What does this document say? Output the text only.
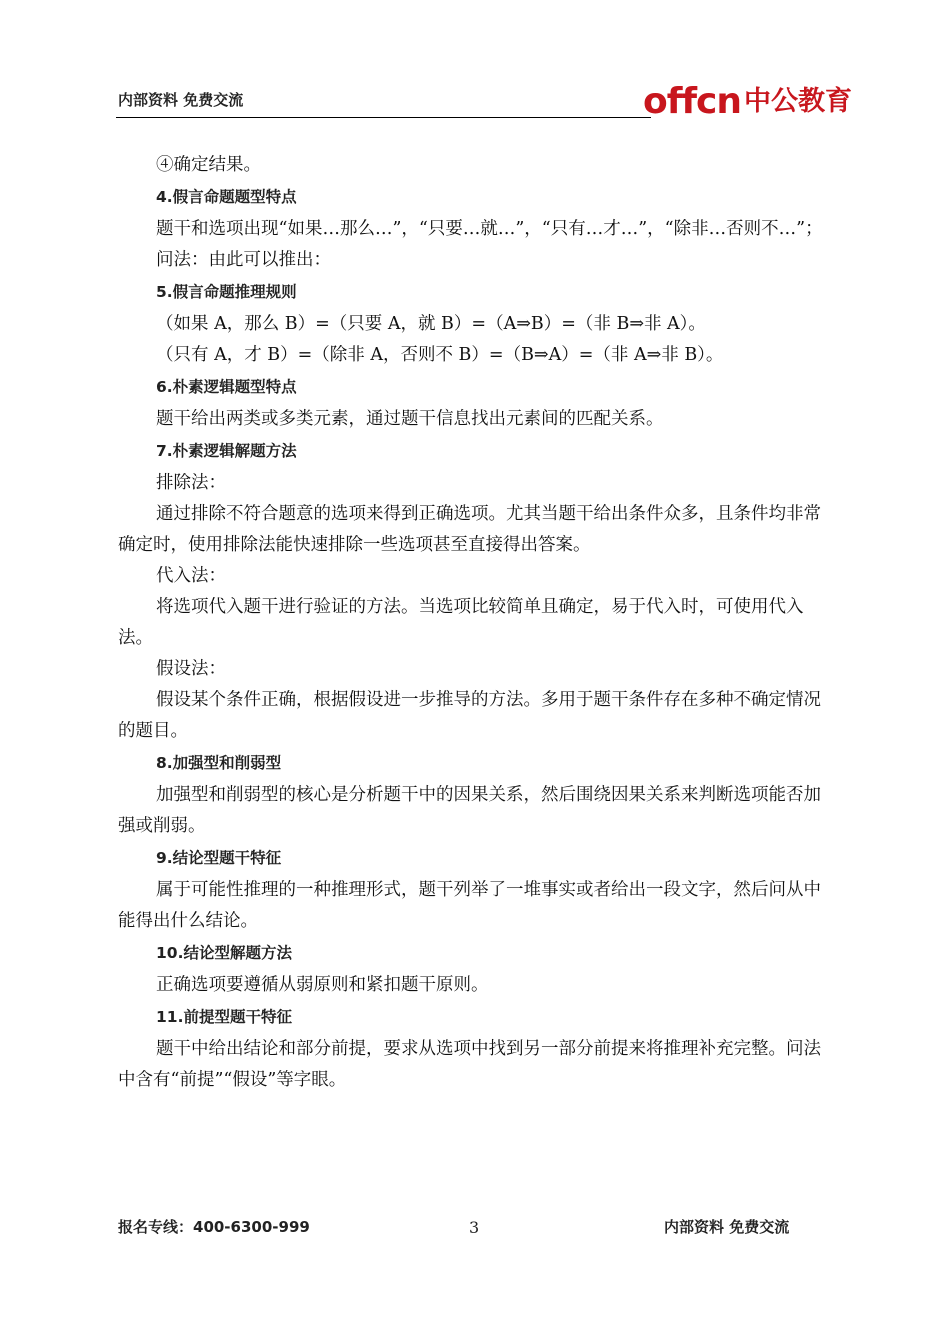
内部资料 免费交流	offcn 中公教育

④确定结果。

4.假言命题题型特点

题干和选项出现“如果…那么…”，“只要…就…”，“只有…才…”，“除非…否则不…”；

问法：由此可以推出：

5.假言命题推理规则

（如果 A，那么 B）=（只要 A，就 B）=（A⇒B）=（非 B⇒非 A）。

（只有 A，才 B）=（除非 A，否则不 B）=（B⇒A）=（非 A⇒非 B）。

6.朴素逻辑题型特点

题干给出两类或多类元素，通过题干信息找出元素间的匹配关系。

7.朴素逻辑解题方法

排除法：

通过排除不符合题意的选项来得到正确选项。尤其当题干给出条件众多，且条件均非常确定时，使用排除法能快速排除一些选项甚至直接得出答案。

代入法：

将选项代入题干进行验证的方法。当选项比较简单且确定，易于代入时，可使用代入法。

假设法：

假设某个条件正确，根据假设进一步推导的方法。多用于题干条件存在多种不确定情况的题目。

8.加强型和削弱型

加强型和削弱型的核心是分析题干中的因果关系，然后围绕因果关系来判断选项能否加强或削弱。

9.结论型题干特征

属于可能性推理的一种推理形式，题干列举了一堆事实或者给出一段文字，然后问从中能得出什么结论。

10.结论型解题方法

正确选项要遵循从弱原则和紧扣题干原则。

11.前提型题干特征

题干中给出结论和部分前提，要求从选项中找到另一部分前提来将推理补充完整。问法中含有“前提”“假设”等字眼。

报名专线：400-6300-999	3	内部资料 免费交流
